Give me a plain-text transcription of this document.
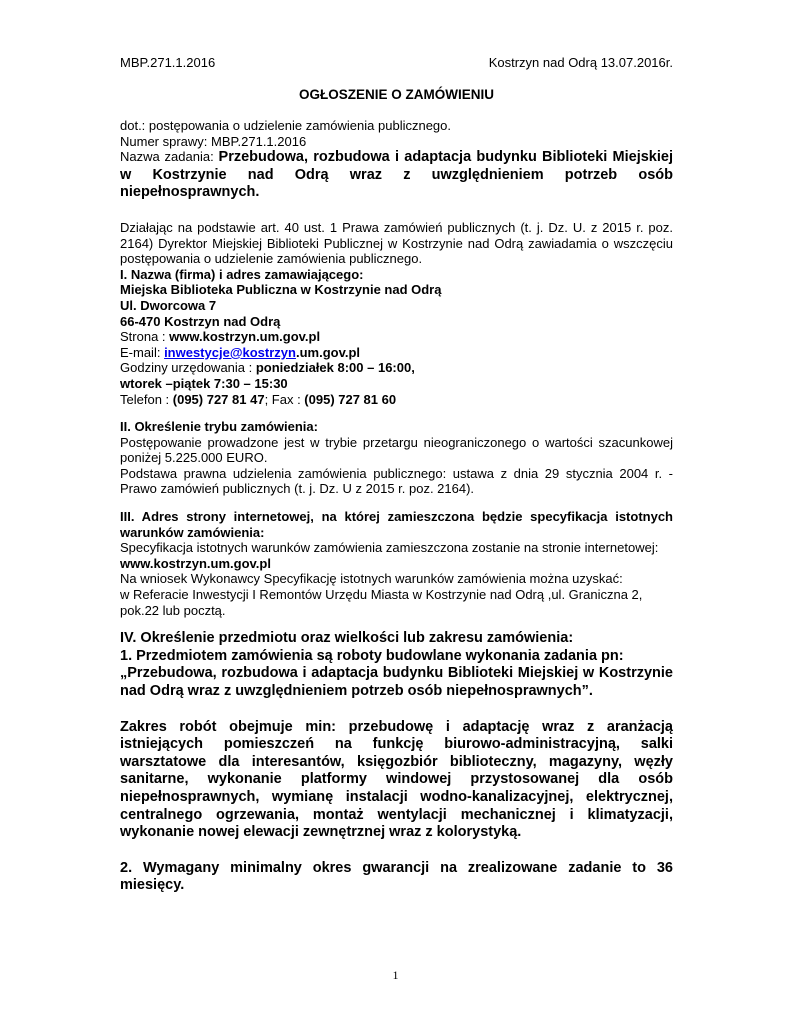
MBP.271.1.2016	Kostrzyn nad Odrą 13.07.2016r.
OGŁOSZENIE O ZAMÓWIENIU

dot.: postępowania o udzielenie zamówienia publicznego.

Numer sprawy: MBP.271.1.2016

Nazwa zadania: Przebudowa, rozbudowa i adaptacja budynku Biblioteki Miejskiej w Kostrzynie nad Odrą wraz z uwzględnieniem potrzeb osób niepełnosprawnych.

Działając na podstawie art. 40 ust. 1 Prawa zamówień publicznych (t. j. Dz. U. z 2015 r. poz. 2164) Dyrektor Miejskiej Biblioteki Publicznej w Kostrzynie nad Odrą zawiadamia o wszczęciu postępowania o udzielenie zamówienia publicznego.

I. Nazwa (firma) i adres zamawiającego:

Miejska Biblioteka Publiczna w Kostrzynie nad Odrą

Ul. Dworcowa 7

66-470 Kostrzyn nad Odrą

Strona : www.kostrzyn.um.gov.pl

E-mail: inwestycje@kostrzyn.um.gov.pl

Godziny urzędowania : poniedziałek 8:00 – 16:00,

wtorek –piątek 7:30 – 15:30

Telefon : (095) 727 81 47; Fax : (095) 727 81 60

II. Określenie trybu zamówienia:

Postępowanie prowadzone jest w trybie przetargu nieograniczonego o wartości szacunkowej poniżej 5.225.000 EURO.

Podstawa prawna udzielenia zamówienia publicznego: ustawa z dnia 29 stycznia 2004 r. - Prawo zamówień publicznych (t. j. Dz. U z 2015 r. poz. 2164).

III. Adres strony internetowej, na której zamieszczona będzie specyfikacja istotnych warunków zamówienia:

Specyfikacja istotnych warunków zamówienia zamieszczona zostanie na stronie internetowej:

www.kostrzyn.um.gov.pl

Na wniosek Wykonawcy Specyfikację istotnych warunków zamówienia można uzyskać:

w Referacie Inwestycji I Remontów Urzędu Miasta w Kostrzynie nad Odrą ,ul. Graniczna 2, pok.22 lub pocztą.

IV. Określenie przedmiotu oraz wielkości lub zakresu zamówienia:

1. Przedmiotem zamówienia są roboty budowlane wykonania zadania pn:

„Przebudowa, rozbudowa i adaptacja budynku Biblioteki Miejskiej w Kostrzynie nad Odrą wraz z uwzględnieniem potrzeb osób niepełnosprawnych”.

Zakres robót obejmuje min: przebudowę i adaptację wraz z aranżacją istniejących pomieszczeń na funkcję biurowo-administracyjną, salki warsztatowe dla interesantów, księgozbiór biblioteczny, magazyny, węzły sanitarne, wykonanie platformy windowej przystosowanej dla osób niepełnosprawnych, wymianę instalacji wodno-kanalizacyjnej, elektrycznej, centralnego ogrzewania, montaż wentylacji mechanicznej i klimatyzacji, wykonanie nowej elewacji zewnętrznej wraz z kolorystyką.

2. Wymagany minimalny okres gwarancji na zrealizowane zadanie to 36 miesięcy.

1
